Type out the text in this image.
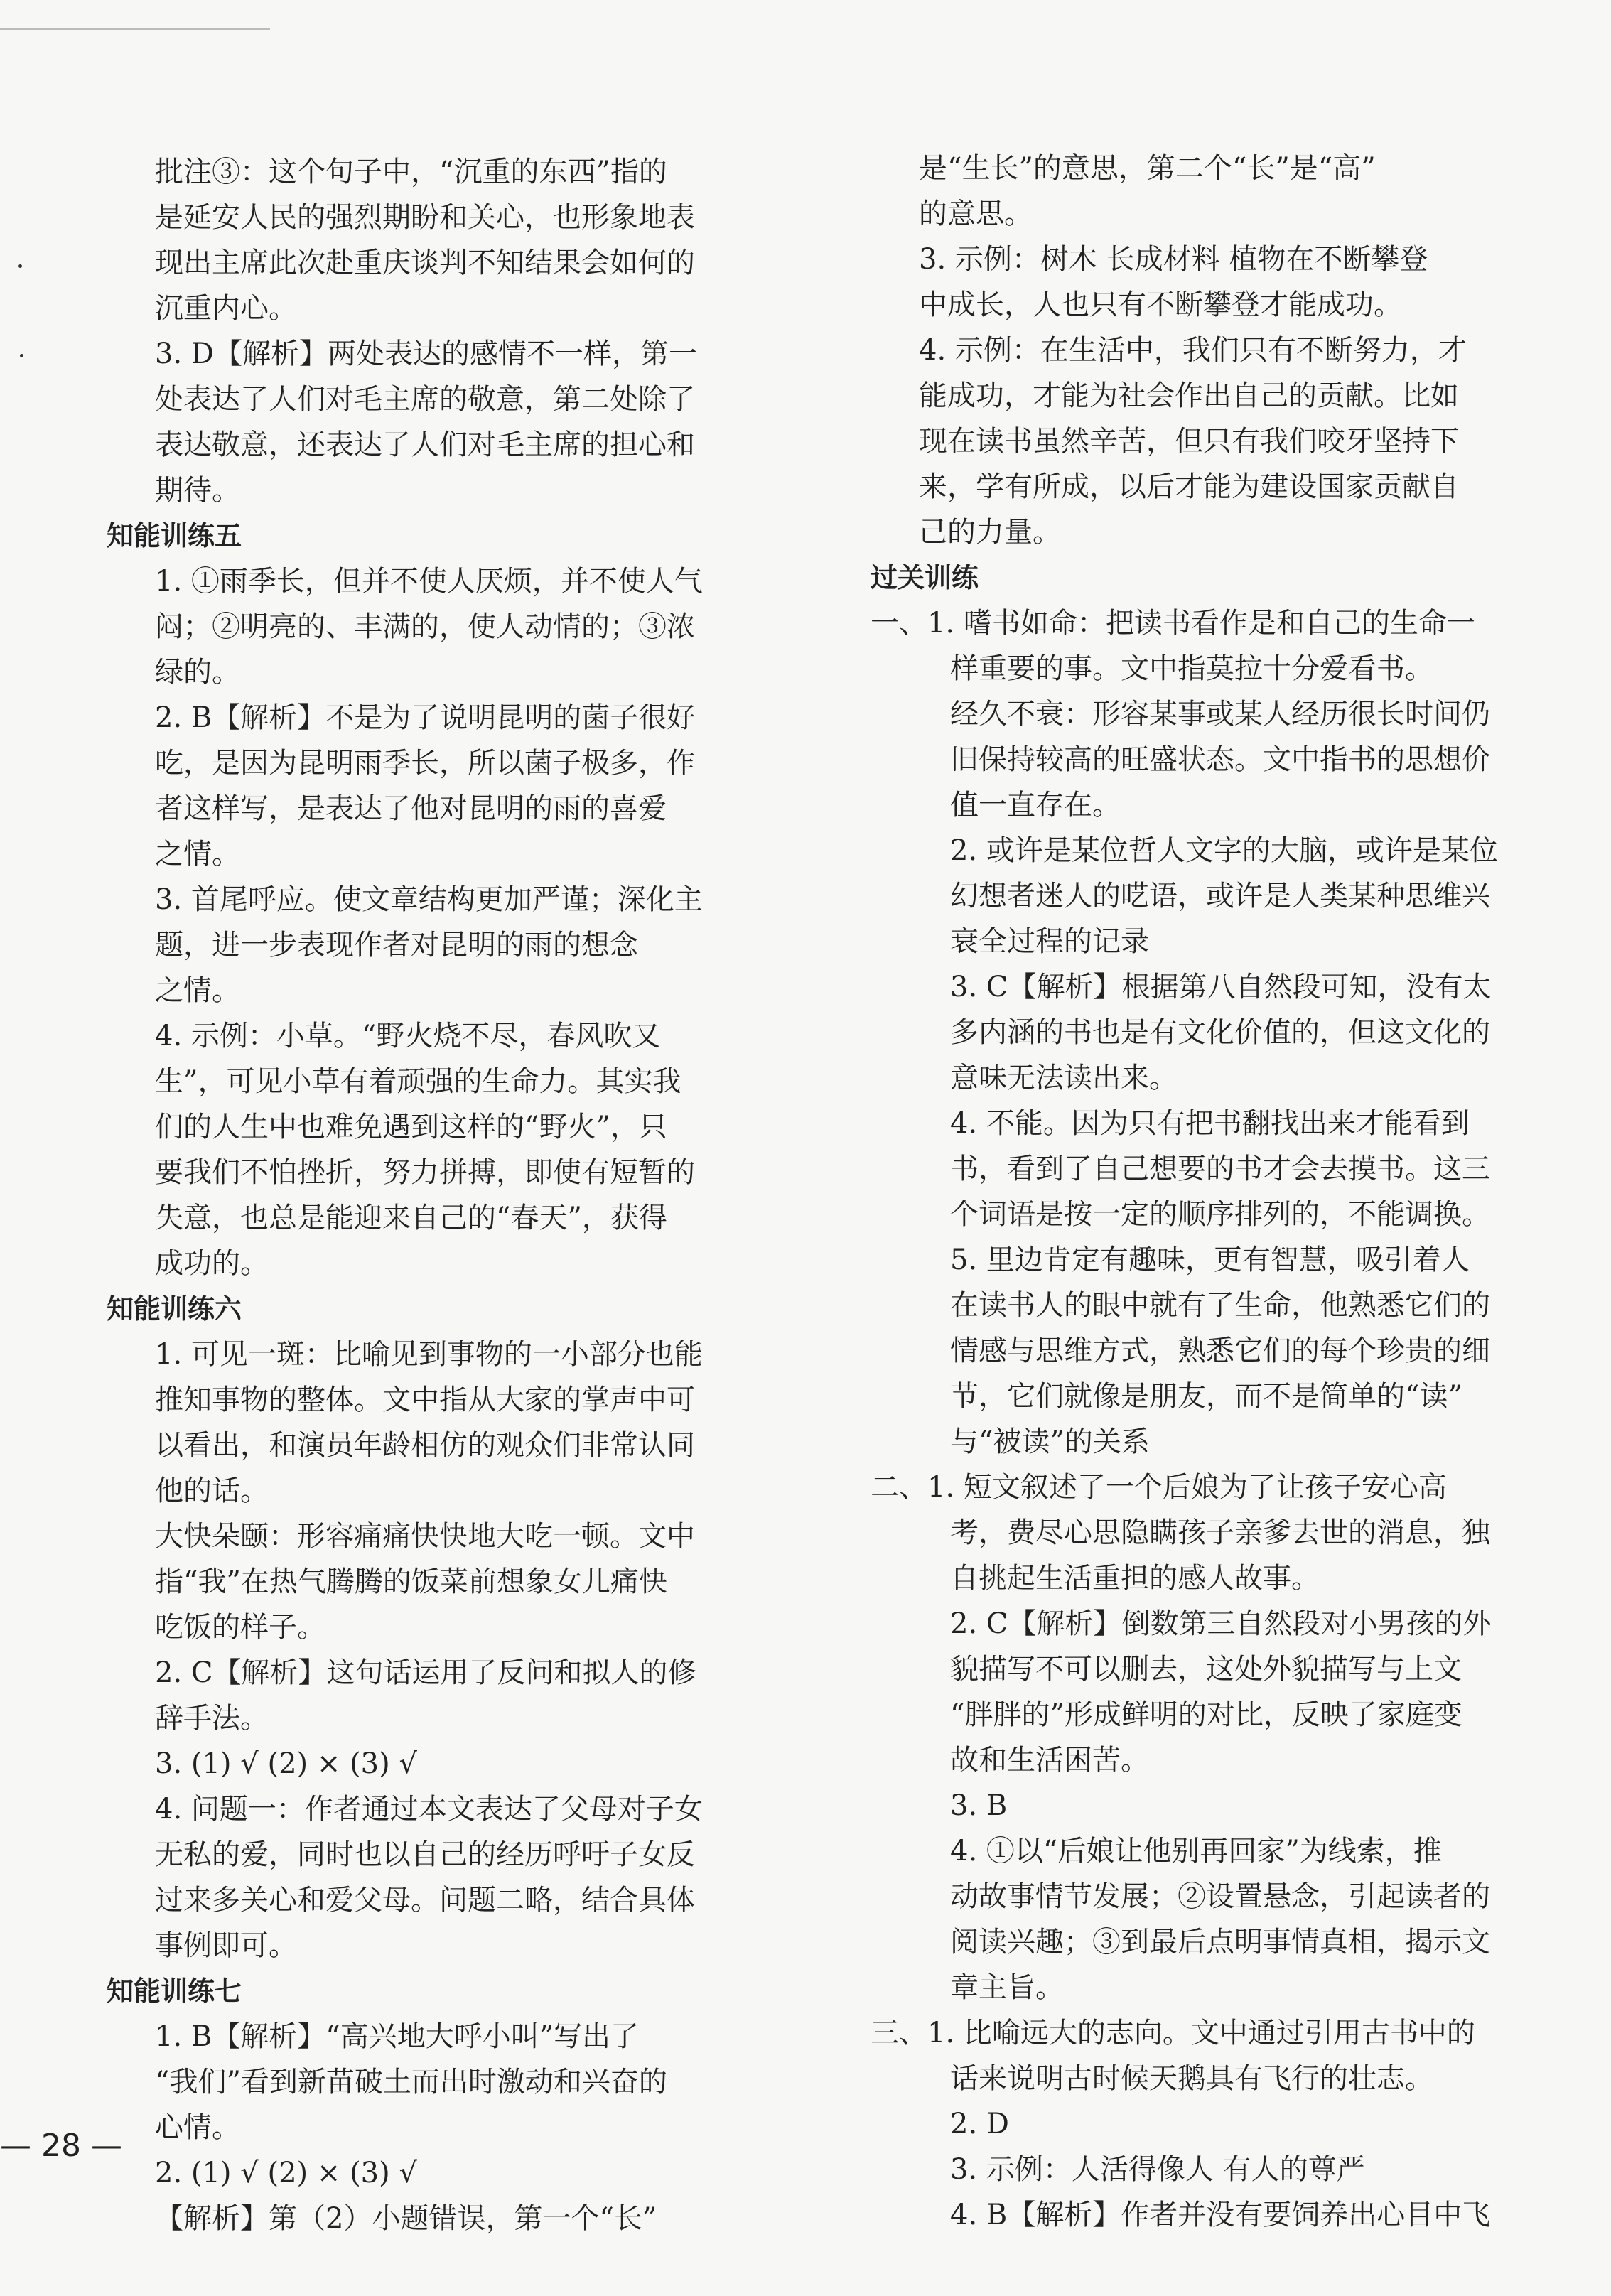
批注③：这个句子中，“沉重的东西”指的
是延安人民的强烈期盼和关心，也形象地表
现出主席此次赴重庆谈判不知结果会如何的
沉重内心。
3. D【解析】两处表达的感情不一样，第一
处表达了人们对毛主席的敬意，第二处除了
表达敬意，还表达了人们对毛主席的担心和
期待。
知能训练五
1. ①雨季长，但并不使人厌烦，并不使人气
闷；②明亮的、丰满的，使人动情的；③浓
绿的。
2. B【解析】不是为了说明昆明的菌子很好
吃，是因为昆明雨季长，所以菌子极多，作
者这样写，是表达了他对昆明的雨的喜爱
之情。
3. 首尾呼应。使文章结构更加严谨；深化主
题，进一步表现作者对昆明的雨的想念
之情。
4. 示例：小草。“野火烧不尽，春风吹又
生”，可见小草有着顽强的生命力。其实我
们的人生中也难免遇到这样的“野火”，只
要我们不怕挫折，努力拼搏，即使有短暂的
失意，也总是能迎来自己的“春天”，获得
成功的。
知能训练六
1. 可见一斑：比喻见到事物的一小部分也能
推知事物的整体。文中指从大家的掌声中可
以看出，和演员年龄相仿的观众们非常认同
他的话。
大快朵颐：形容痛痛快快地大吃一顿。文中
指“我”在热气腾腾的饭菜前想象女儿痛快
吃饭的样子。
2. C【解析】这句话运用了反问和拟人的修
辞手法。
3. (1) √ (2) × (3) √
4. 问题一：作者通过本文表达了父母对子女
无私的爱，同时也以自己的经历呼吁子女反
过来多关心和爱父母。问题二略，结合具体
事例即可。
知能训练七
1. B【解析】“高兴地大呼小叫”写出了
“我们”看到新苗破土而出时激动和兴奋的
心情。
2. (1) √ (2) × (3) √
【解析】第（2）小题错误，第一个“长”
是“生长”的意思，第二个“长”是“高”
的意思。
3. 示例：树木 长成材料 植物在不断攀登
中成长，人也只有不断攀登才能成功。
4. 示例：在生活中，我们只有不断努力，才
能成功，才能为社会作出自己的贡献。比如
现在读书虽然辛苦，但只有我们咬牙坚持下
来，学有所成，以后才能为建设国家贡献自
己的力量。
过关训练
一、1. 嗜书如命：把读书看作是和自己的生命一
样重要的事。文中指莫拉十分爱看书。
经久不衰：形容某事或某人经历很长时间仍
旧保持较高的旺盛状态。文中指书的思想价
值一直存在。
2. 或许是某位哲人文字的大脑，或许是某位
幻想者迷人的呓语，或许是人类某种思维兴
衰全过程的记录
3. C【解析】根据第八自然段可知，没有太
多内涵的书也是有文化价值的，但这文化的
意味无法读出来。
4. 不能。因为只有把书翻找出来才能看到
书，看到了自己想要的书才会去摸书。这三
个词语是按一定的顺序排列的，不能调换。
5. 里边肯定有趣味，更有智慧，吸引着人
在读书人的眼中就有了生命，他熟悉它们的
情感与思维方式，熟悉它们的每个珍贵的细
节，它们就像是朋友，而不是简单的“读”
与“被读”的关系
二、1. 短文叙述了一个后娘为了让孩子安心高
考，费尽心思隐瞒孩子亲爹去世的消息，独
自挑起生活重担的感人故事。
2. C【解析】倒数第三自然段对小男孩的外
貌描写不可以删去，这处外貌描写与上文
“胖胖的”形成鲜明的对比，反映了家庭变
故和生活困苦。
3. B
4. ①以“后娘让他别再回家”为线索，推
动故事情节发展；②设置悬念，引起读者的
阅读兴趣；③到最后点明事情真相，揭示文
章主旨。
三、1. 比喻远大的志向。文中通过引用古书中的
话来说明古时候天鹅具有飞行的壮志。
2. D
3. 示例：人活得像人 有人的尊严
4. B【解析】作者并没有要饲养出心目中飞
— 28 —
